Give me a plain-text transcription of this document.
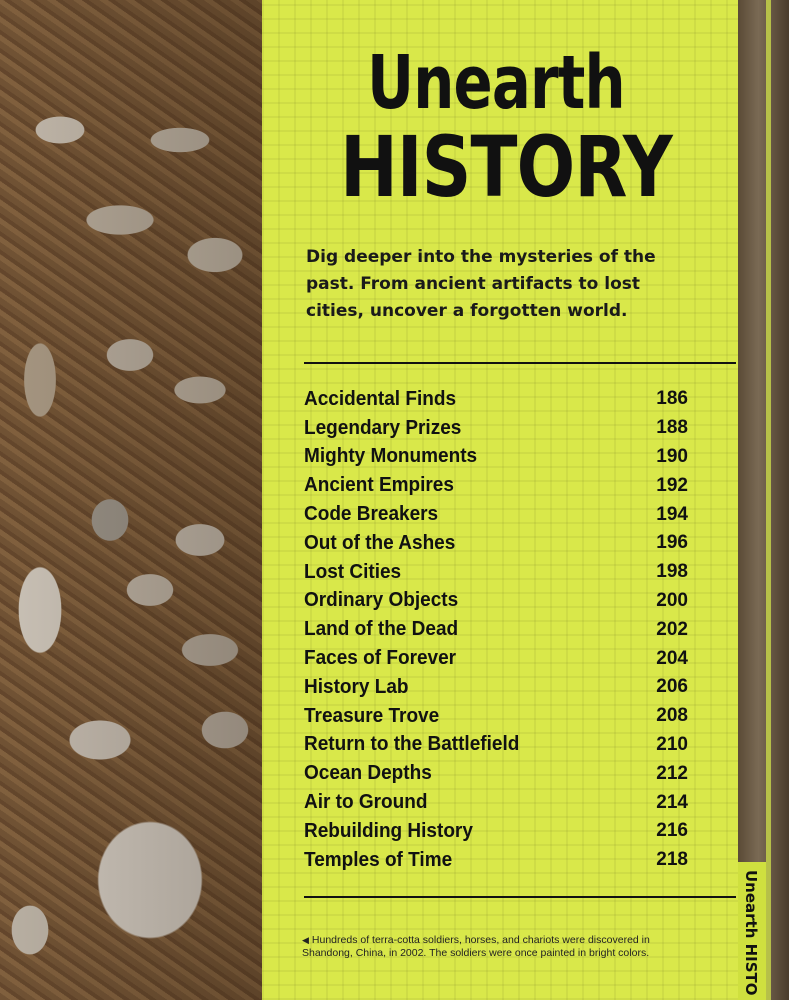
Unearth
HISTORY
Dig deeper into the mysteries of the past. From ancient artifacts to lost cities, uncover a forgotten world.
Accidental Finds	186
Legendary Prizes	188
Mighty Monuments	190
Ancient Empires	192
Code Breakers	194
Out of the Ashes	196
Lost Cities	198
Ordinary Objects	200
Land of the Dead	202
Faces of Forever	204
History Lab	206
Treasure Trove	208
Return to the Battlefield	210
Ocean Depths	212
Air to Ground	214
Rebuilding History	216
Temples of Time	218
◀ Hundreds of terra-cotta soldiers, horses, and chariots were discovered in Shandong, China, in 2002. The soldiers were once painted in bright colors.	Unearth HISTO
